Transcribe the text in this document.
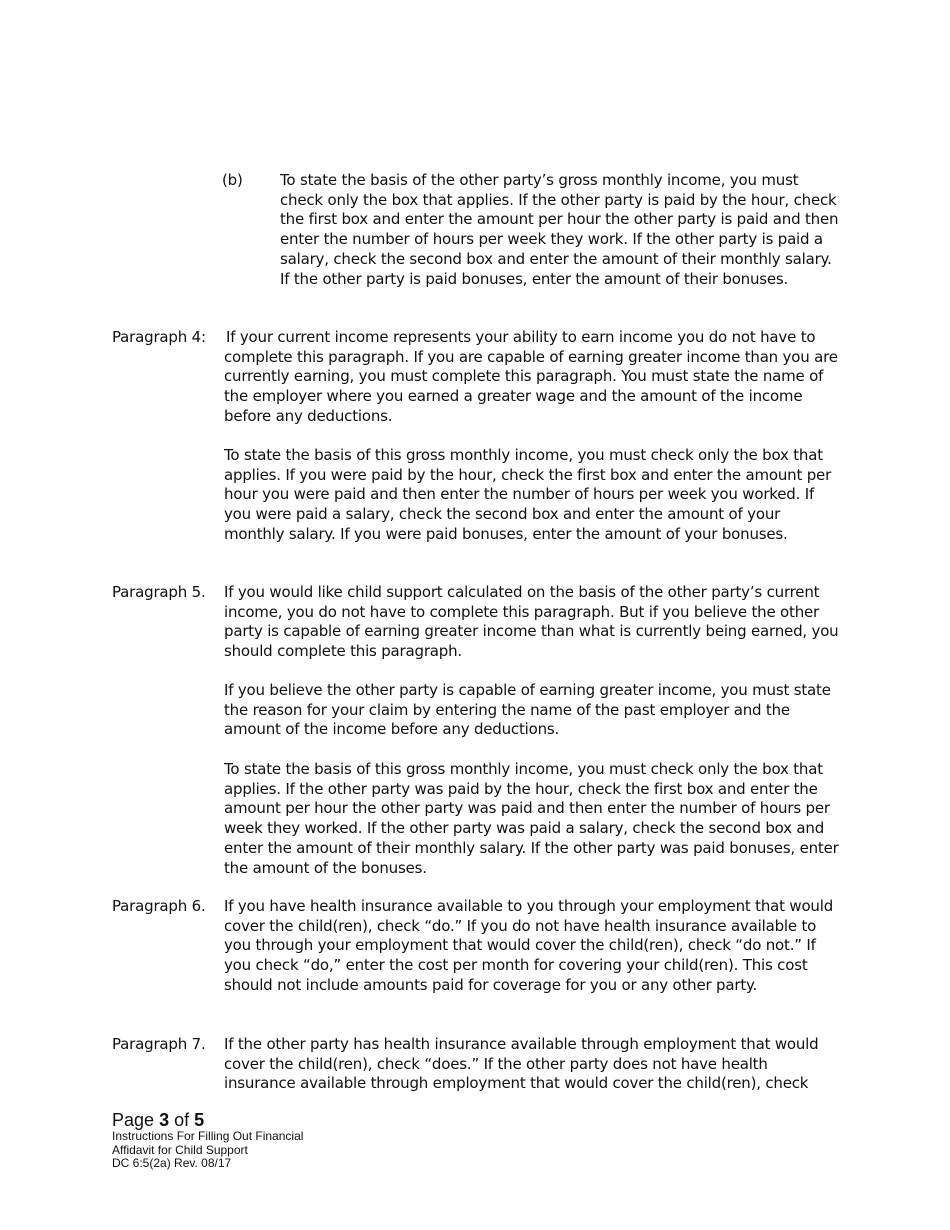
(b) To state the basis of the other party’s gross monthly income, you must check only the box that applies. If the other party is paid by the hour, check the first box and enter the amount per hour the other party is paid and then enter the number of hours per week they work. If the other party is paid a salary, check the second box and enter the amount of their monthly salary. If the other party is paid bonuses, enter the amount of their bonuses.

Paragraph 4: If your current income represents your ability to earn income you do not have to complete this paragraph. If you are capable of earning greater income than you are currently earning, you must complete this paragraph. You must state the name of the employer where you earned a greater wage and the amount of the income before any deductions.

To state the basis of this gross monthly income, you must check only the box that applies. If you were paid by the hour, check the first box and enter the amount per hour you were paid and then enter the number of hours per week you worked. If you were paid a salary, check the second box and enter the amount of your monthly salary. If you were paid bonuses, enter the amount of your bonuses.

Paragraph 5. If you would like child support calculated on the basis of the other party’s current income, you do not have to complete this paragraph. But if you believe the other party is capable of earning greater income than what is currently being earned, you should complete this paragraph.

If you believe the other party is capable of earning greater income, you must state the reason for your claim by entering the name of the past employer and the amount of the income before any deductions.

To state the basis of this gross monthly income, you must check only the box that applies. If the other party was paid by the hour, check the first box and enter the amount per hour the other party was paid and then enter the number of hours per week they worked. If the other party was paid a salary, check the second box and enter the amount of their monthly salary. If the other party was paid bonuses, enter the amount of the bonuses.

Paragraph 6. If you have health insurance available to you through your employment that would cover the child(ren), check “do.” If you do not have health insurance available to you through your employment that would cover the child(ren), check “do not.” If you check “do,” enter the cost per month for covering your child(ren). This cost should not include amounts paid for coverage for you or any other party.

Paragraph 7. If the other party has health insurance available through employment that would cover the child(ren), check “does.” If the other party does not have health insurance available through employment that would cover the child(ren), check

Page 3 of 5
Instructions For Filling Out Financial
Affidavit for Child Support
DC 6:5(2a) Rev. 08/17
